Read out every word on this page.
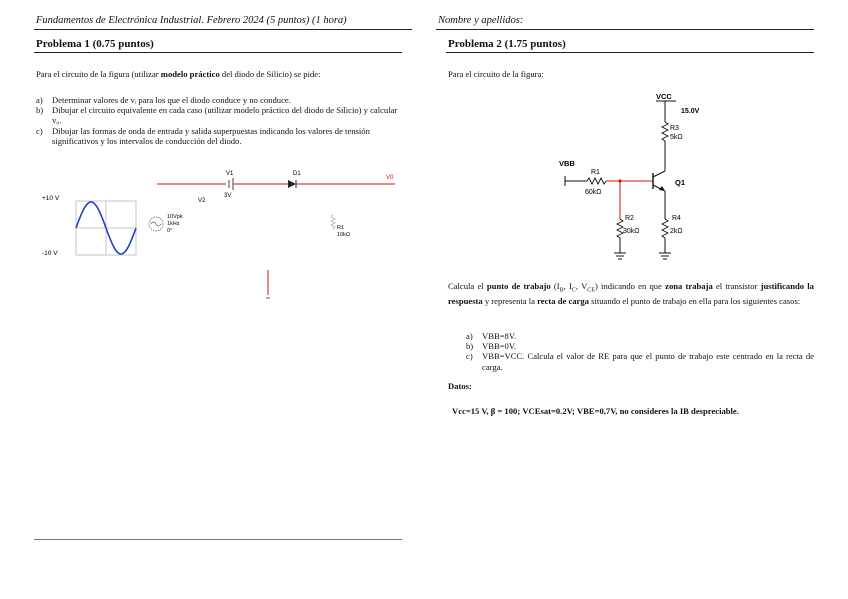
Fundamentos de Electrónica Industrial. Febrero 2024 (5 puntos) (1 hora)	Nombre y apellidos:
Problema 1 (0.75 puntos)
Para el circuito de la figura (utilizar modelo práctico del diodo de Silicio) se pide:
a)	Determinar valores de vᵢ para los que el diodo conduce y no conduce.
b)	Dibujar el circuito equivalente en cada caso (utilizar modelo práctico del diodo de Silicio) y calcular v₀.
c)	Dibujar las formas de onda de entrada y salida superpuestas indicando los valores de tensión significativos y los intervalos de conducción del diodo.
+10 V
-10 V
V2
10Vpk
1kHz
0°
V1
3V
D1
V0
R1
10kΩ
Problema 2 (1.75 puntos)
Para el circuito de la figura:
VCC
15.0V
R3
5kΩ
VBB
R1
60kΩ
Q1
R2
30kΩ
R4
2kΩ
Calcula el punto de trabajo ($I_B$, $I_C$, $V_{CE}$) indicando en que zona trabaja el transistor justificando la respuesta y representa la recta de carga situando el punto de trabajo en ella para los siguientes casos:
a)	VBB=8V.
b)	VBB=0V.
c)	VBB=VCC. Calcula el valor de RE para que el punto de trabajo este centrado en la recta de carga.
Datos:
Vcc=15 V, β = 100; VCEsat=0.2V; VBE=0,7V, no consideres la IB despreciable.
